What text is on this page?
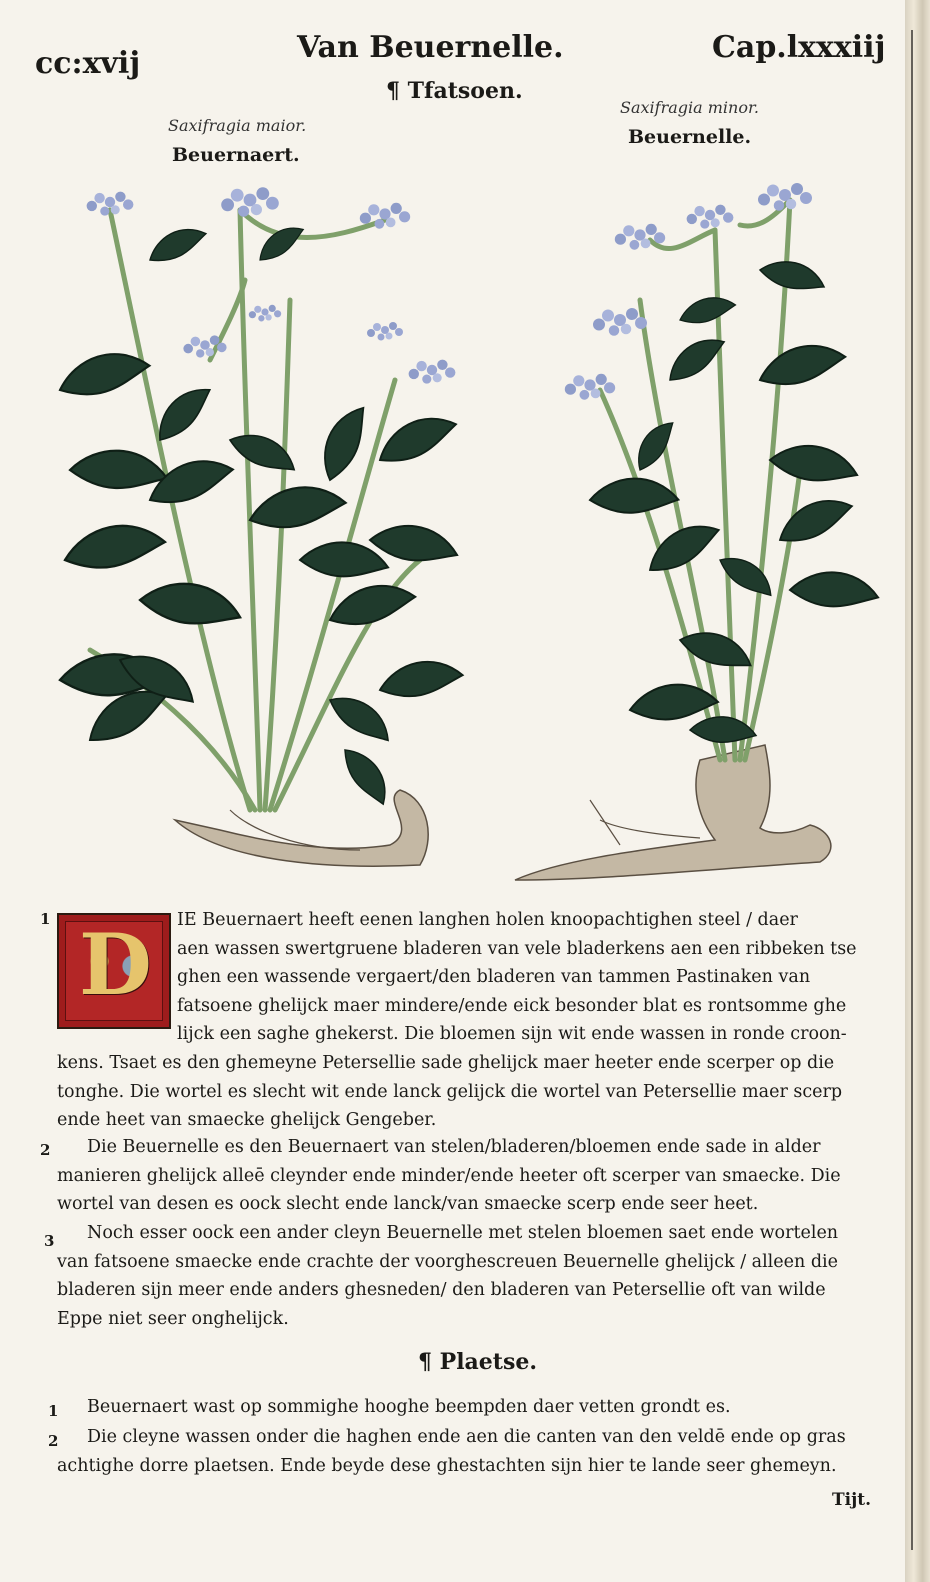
cc:xvij	Van Beuernelle.	Cap.lxxxiij
¶ Tfatsoen.
Saxifragia maior.
Beuernaert.
Saxifragia minor.
Beuernelle.
1 D IE Beuernaert heeft eenen langhen holen knoopachtighen steel / daer
aen wassen swertgruene bladeren van vele bladerkens aen een ribbeken tse
ghen een wassende vergaert/den bladeren van tammen Pastinaken van
fatsoene ghelijck maer mindere/ende eick besonder blat es rontsomme ghe
lijck een saghe ghekerst. Die bloemen sijn wit ende wassen in ronde croon-
kens. Tsaet es den ghemeyne Petersellie sade ghelijck maer heeter ende scerper op die
tonghe. Die wortel es slecht wit ende lanck gelijck die wortel van Petersellie maer scerp
ende heet van smaecke ghelijck Gengeber.
2	Die Beuernelle es den Beuernaert van stelen/bladeren/bloemen ende sade in alder
manieren ghelijck alleē cleynder ende minder/ende heeter oft scerper van smaecke. Die
wortel van desen es oock slecht ende lanck/van smaecke scerp ende seer heet.
3	Noch esser oock een ander cleyn Beuernelle met stelen bloemen saet ende wortelen
van fatsoene smaecke ende crachte der voorghescreuen Beuernelle ghelijck / alleen die
bladeren sijn meer ende anders ghesneden/ den bladeren van Petersellie oft van wilde
Eppe niet seer onghelijck.
¶ Plaetse.
1 Beuernaert wast op sommighe hooghe beempden daer vetten grondt es.
2	Die cleyne wassen onder die haghen ende aen die canten van den veldē ende op gras
achtighe dorre plaetsen. Ende beyde dese ghestachten sijn hier te lande seer ghemeyn.
Tijt.
